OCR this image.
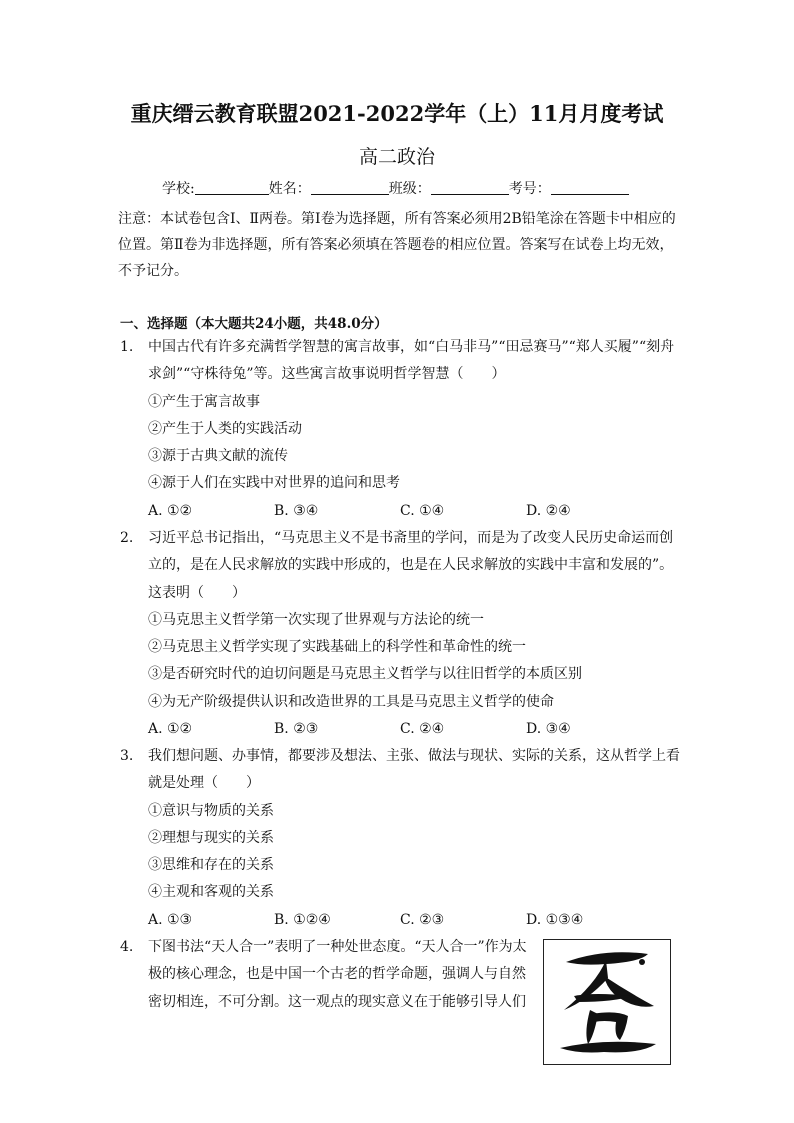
重庆缙云教育联盟2021-2022学年（上）11月月度考试
高二政治
学校:	姓名：	班级：	考号：
注意：本试卷包含Ⅰ、Ⅱ两卷。第Ⅰ卷为选择题，所有答案必须用2B铅笔涂在答题卡中相应的位置。第Ⅱ卷为非选择题，所有答案必须填在答题卷的相应位置。答案写在试卷上均无效，不予记分。
一、选择题（本大题共24小题，共48.0分）
1.	中国古代有许多充满哲学智慧的寓言故事，如“白马非马”“田忌赛马”“郑人买履”“刻舟求剑”“守株待兔”等。这些寓言故事说明哲学智慧（　　）
①产生于寓言故事
②产生于人类的实践活动
③源于古典文献的流传
④源于人们在实践中对世界的追问和思考
A. ①②	B. ③④	C. ①④	D. ②④
2.	习近平总书记指出，“马克思主义不是书斋里的学问，而是为了改变人民历史命运而创立的，是在人民求解放的实践中形成的，也是在人民求解放的实践中丰富和发展的”。这表明（　　）
①马克思主义哲学第一次实现了世界观与方法论的统一
②马克思主义哲学实现了实践基础上的科学性和革命性的统一
③是否研究时代的迫切问题是马克思主义哲学与以往旧哲学的本质区别
④为无产阶级提供认识和改造世界的工具是马克思主义哲学的使命
A. ①②	B. ②③	C. ②④	D. ③④
3.	我们想问题、办事情，都要涉及想法、主张、做法与现状、实际的关系，这从哲学上看就是处理（　　）
①意识与物质的关系
②理想与现实的关系
③思维和存在的关系
④主观和客观的关系
A. ①③	B. ①②④	C. ②③	D. ①③④
4.	下图书法“天人合一”表明了一种处世态度。“天人合一”作为太极的核心理念，也是中国一个古老的哲学命题，强调人与自然密切相连，不可分割。这一观点的现实意义在于能够引导人们
